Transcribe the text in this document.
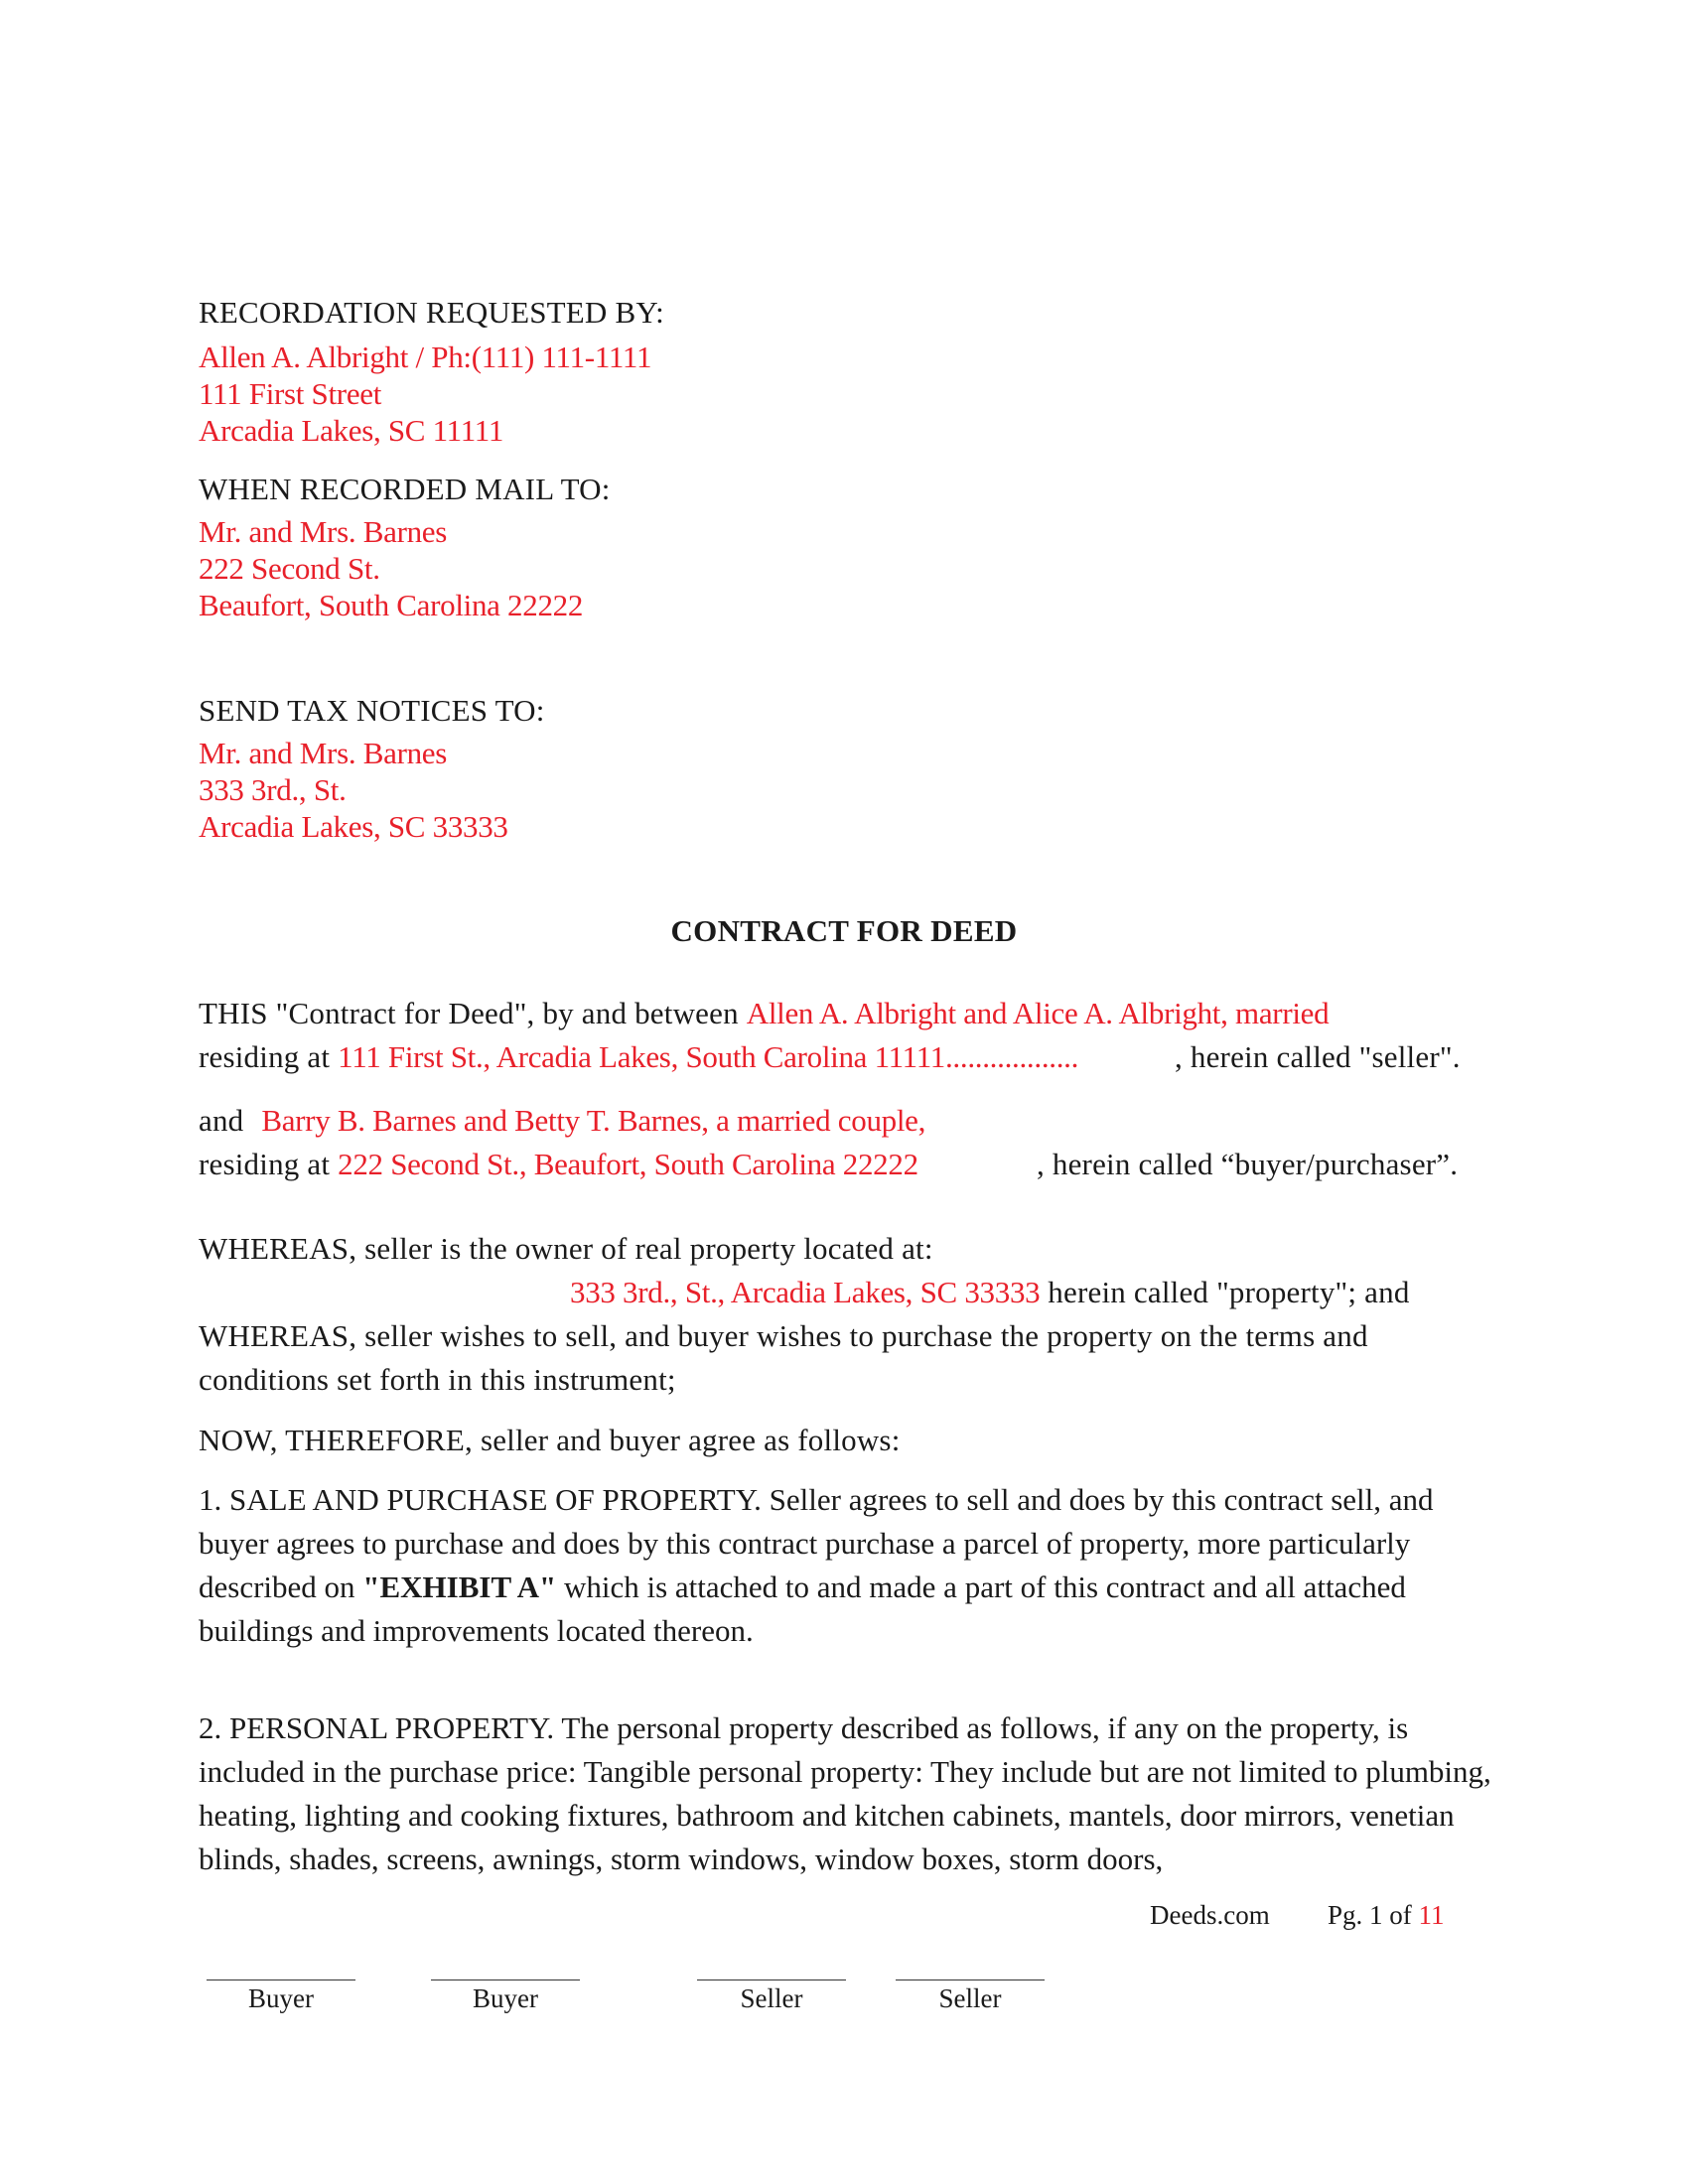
RECORDATION REQUESTED BY:
Allen A. Albright / Ph:(111) 111-1111
111 First Street
Arcadia Lakes, SC 11111
WHEN RECORDED MAIL TO:
Mr. and Mrs. Barnes
222 Second St.
Beaufort, South Carolina 22222
SEND TAX NOTICES TO:
Mr. and Mrs. Barnes
333 3rd., St.
Arcadia Lakes, SC 33333
CONTRACT FOR DEED
THIS "Contract for Deed", by and between Allen A. Albright and Alice A. Albright, married
residing at 111 First St., Arcadia Lakes, South Carolina 11111..................	, herein called "seller".
and Barry B. Barnes and Betty T. Barnes, a married couple,
residing at 222 Second St., Beaufort, South Carolina 22222	, herein called “buyer/purchaser”.
WHEREAS, seller is the owner of real property located at:
333 3rd., St., Arcadia Lakes, SC 33333 herein called "property"; and
WHEREAS, seller wishes to sell, and buyer wishes to purchase the property on the terms and
conditions set forth in this instrument;
NOW, THEREFORE, seller and buyer agree as follows:
1. SALE AND PURCHASE OF PROPERTY. Seller agrees to sell and does by this contract sell, and buyer agrees to purchase and does by this contract purchase a parcel of property, more particularly described on "EXHIBIT A" which is attached to and made a part of this contract and all attached buildings and improvements located thereon.
2. PERSONAL PROPERTY. The personal property described as follows, if any on the property, is included in the purchase price: Tangible personal property: They include but are not limited to plumbing, heating, lighting and cooking fixtures, bathroom and kitchen cabinets, mantels, door mirrors, venetian blinds, shades, screens, awnings, storm windows, window boxes, storm doors,
Deeds.com Pg. 1 of 11
Buyer	Buyer	Seller	Seller
